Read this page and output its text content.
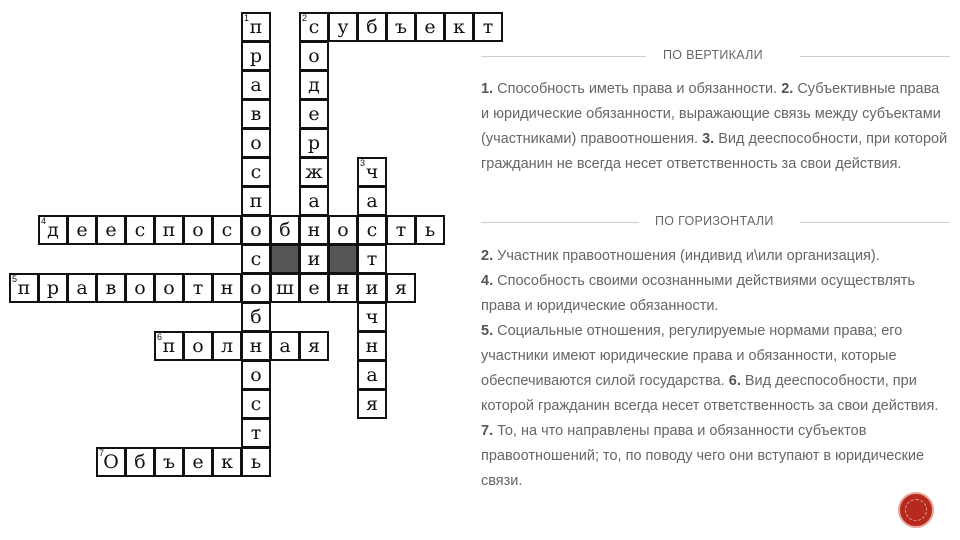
п
1
р
а
в
о
с
п
о
с
о
б
н
о
с
т
ь
с
2 у б ъ е к т
о
д
е
р
ж
а
н
и
е
ч
3
а
с
т
и
ч
н
а
я
д
4 е е с п о с б о т ь
п
5 р а в о о т н ш н я
п
6 о л а я
О
7 б ъ е к
ПО ВЕРТИКАЛИ

1. Способность иметь права и обязанности. 2. Субъективные права и юридические обязанности, выражающие связь между субъектами (участниками) правоотношения. 3. Вид дееспособности, при которой гражданин не всегда несет ответственность за свои действия.

ПО ГОРИЗОНТАЛИ

2. Участник правоотношения (индивид и\или организация).

4. Способность своими осознанными действиями осуществлять права и юридические обязанности.

5. Социальные отношения, регулируемые нормами права; его участники имеют юридические права и обязанности, которые обеспечиваются силой государства. 6. Вид дееспособности, при которой гражданин всегда несет ответственность за свои действия. 7. То, на что направлены права и обязанности субъектов правоотношений; то, по поводу чего они вступают в юридические связи.
